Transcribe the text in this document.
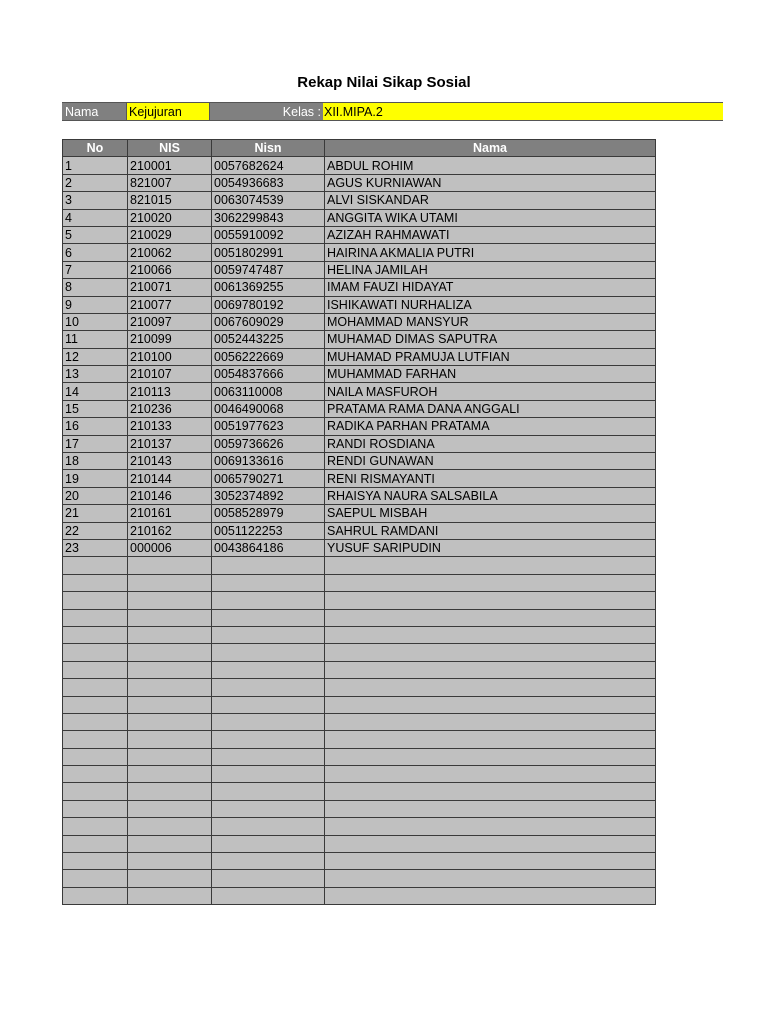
Rekap Nilai Sikap Sosial
Nama	Kejujuran	Kelas : XII.MIPA.2
No	NIS	Nisn	Nama
1	210001	0057682624	ABDUL ROHIM
2	821007	0054936683	AGUS KURNIAWAN
3	821015	0063074539	ALVI SISKANDAR
4	210020	3062299843	ANGGITA WIKA UTAMI
5	210029	0055910092	AZIZAH RAHMAWATI
6	210062	0051802991	HAIRINA AKMALIA PUTRI
7	210066	0059747487	HELINA JAMILAH
8	210071	0061369255	IMAM FAUZI HIDAYAT
9	210077	0069780192	ISHIKAWATI NURHALIZA
10	210097	0067609029	MOHAMMAD MANSYUR
11	210099	0052443225	MUHAMAD DIMAS SAPUTRA
12	210100	0056222669	MUHAMAD PRAMUJA LUTFIAN
13	210107	0054837666	MUHAMMAD FARHAN
14	210113	0063110008	NAILA MASFUROH
15	210236	0046490068	PRATAMA RAMA DANA ANGGALI
16	210133	0051977623	RADIKA PARHAN PRATAMA
17	210137	0059736626	RANDI ROSDIANA
18	210143	0069133616	RENDI GUNAWAN
19	210144	0065790271	RENI RISMAYANTI
20	210146	3052374892	RHAISYA NAURA SALSABILA
21	210161	0058528979	SAEPUL MISBAH
22	210162	0051122253	SAHRUL RAMDANI
23	000006	0043864186	YUSUF SARIPUDIN
